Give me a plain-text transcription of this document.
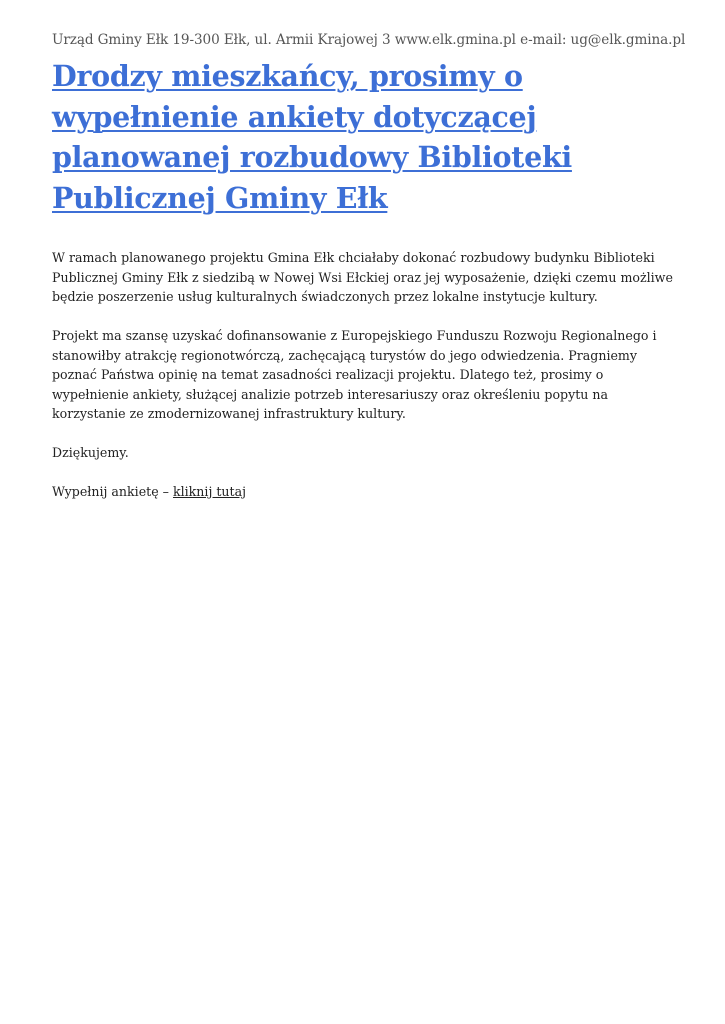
Urząd Gminy Ełk 19-300 Ełk, ul. Armii Krajowej 3 www.elk.gmina.pl e-mail: ug@elk.gmina.pl
Drodzy mieszkańcy, prosimy o wypełnienie ankiety dotyczącej planowanej rozbudowy Biblioteki Publicznej Gminy Ełk

W ramach planowanego projektu Gmina Ełk chciałaby dokonać rozbudowy budynku Biblioteki Publicznej Gminy Ełk z siedzibą w Nowej Wsi Ełckiej oraz jej wyposażenie, dzięki czemu możliwe będzie poszerzenie usług kulturalnych świadczonych przez lokalne instytucje kultury.

Projekt ma szansę uzyskać dofinansowanie z Europejskiego Funduszu Rozwoju Regionalnego i stanowiłby atrakcję regionotwórczą, zachęcającą turystów do jego odwiedzenia. Pragniemy poznać Państwa opinię na temat zasadności realizacji projektu. Dlatego też, prosimy o wypełnienie ankiety, służącej analizie potrzeb interesariuszy oraz określeniu popytu na korzystanie ze zmodernizowanej infrastruktury kultury.

Dziękujemy.

Wypełnij ankietę – kliknij tutaj
